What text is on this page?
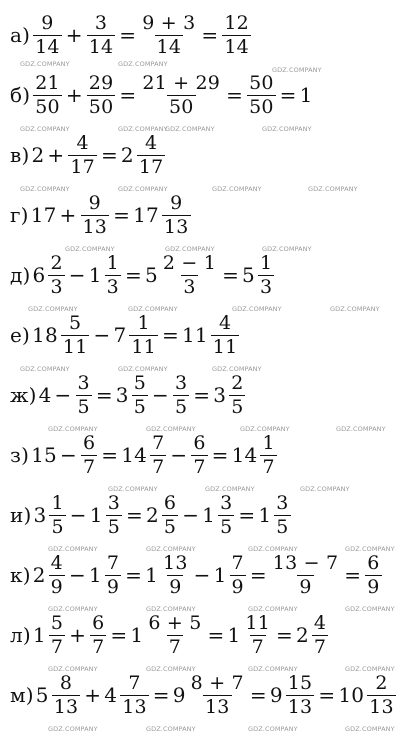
$а) \frac{9}{14} + \frac{3}{14} = \frac{9 + 3}{14} = \frac{12}{14}$
$б) \frac{21}{50} + \frac{29}{50} = \frac{21 + 29}{50} = \frac{50}{50} = 1$
в) $2 + \frac{4}{17} = 2 \frac{4}{17}$
г) $17 + \frac{9}{13} = 17 \frac{9}{13}$
д) $6 \frac{2}{3} - 1 \frac{1}{3} = 5 \frac{2 - 1}{3} = 5 \frac{1}{3}$
е) $18 \frac{5}{11} - 7 \frac{1}{11} = 11 \frac{4}{11}$
ж) $4 - \frac{3}{5} = 3 \frac{5}{5} - \frac{3}{5} = 3 \frac{2}{5}$
з) $15 - \frac{6}{7} = 14 \frac{7}{7} - \frac{6}{7} = 14 \frac{1}{7}$
и) $3 \frac{1}{5} - 1 \frac{3}{5} = 2 \frac{6}{5} - 1 \frac{3}{5} = 1 \frac{3}{5}$
к) $2 \frac{4}{9} - 1 \frac{7}{9} = 1 \frac{13}{9} - 1 \frac{7}{9} = \frac{13 - 7}{9} = \frac{6}{9}$
л) $1 \frac{5}{7} + \frac{6}{7} = 1 \frac{6 + 5}{7} = 1 \frac{11}{7} = 2 \frac{4}{7}$
м) $5 \frac{8}{13} + 4 \frac{7}{13} = 9 \frac{8 + 7}{13} = 9 \frac{15}{13} = 10 \frac{2}{13}$
GDZ.COMPANY	GDZ.COMPANY
GDZ.COMPANY
GDZ.COMPANY	GDZ.COMPANY
GDZ.COMPANY	GDZ.COMPANY
GDZ.COMPANY	GDZ.COMPANY	GDZ.COMPANY	GDZ.COMPANY
GDZ.COMPANY	GDZ.COMPANY	GDZ.COMPANY
GDZ.COMPANY	GDZ.COMPANY	GDZ.COMPANY	GDZ.COMPANY
GDZ.COMPANY	GDZ.COMPANY	GDZ.COMPANY
GDZ.COMPANY	GDZ.COMPANY	GDZ.COMPANY	GDZ.COMPANY
GDZ.COMPANY	GDZ.COMPANY	GDZ.COMPANY
GDZ.COMPANY	GDZ.COMPANY	GDZ.COMPANY	GDZ.COMPANY
GDZ.COMPANY	GDZ.COMPANY	GDZ.COMPANY	GDZ.COMPANY
GDZ.COMPANY	GDZ.COMPANY	GDZ.COMPANY	GDZ.COMPANY
GDZ.COMPANY	GDZ.COMPANY	GDZ.COMPANY	GDZ.COMPANY
